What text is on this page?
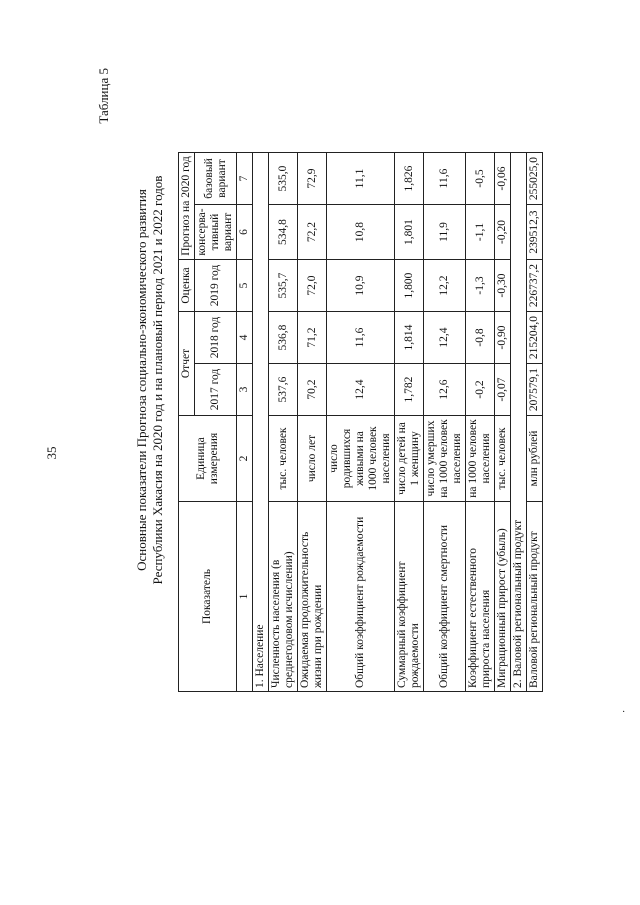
35
Таблица 5
Основные показатели Прогноза социально-экономического развития Республики Хакасия на 2020 год и на плановый период 2021 и 2022 годов
Показатель	Единица измерения	Отчет		Оценка	Прогноз на 2020 год	
		2017 год	2018 год	2019 год	консерва-тивный вариант	базовый вариант
1	2	3	4	5	6	7
1. Население						
Численность населения (в среднегодовом исчислении)	тыс. человек	537,6	536,8	535,7	534,8	535,0
Ожидаемая продолжительность жизни при рождении	число лет	70,2	71,2	72,0	72,2	72,9
Общий коэффициент рождаемости	число родившихся живыми на 1000 человек населения	12,4	11,6	10,9	10,8	11,1
Суммарный коэффициент рождаемости	число детей на 1 женщину	1,782	1,814	1,800	1,801	1,826
Общий коэффициент смертности	число умерших на 1000 человек населения	12,6	12,4	12,2	11,9	11,6
Коэффициент естественного прироста населения	на 1000 человек населения	-0,2	-0,8	-1,3	-1,1	-0,5
Миграционный прирост (убыль)	тыс. человек	-0,07	-0,90	-0,30	-0,20	-0,06
2. Валовой региональный продукт						
Валовой региональный продукт	млн рублей	207579,1	215204,0	226737,2	239512,3	255025,0
·
